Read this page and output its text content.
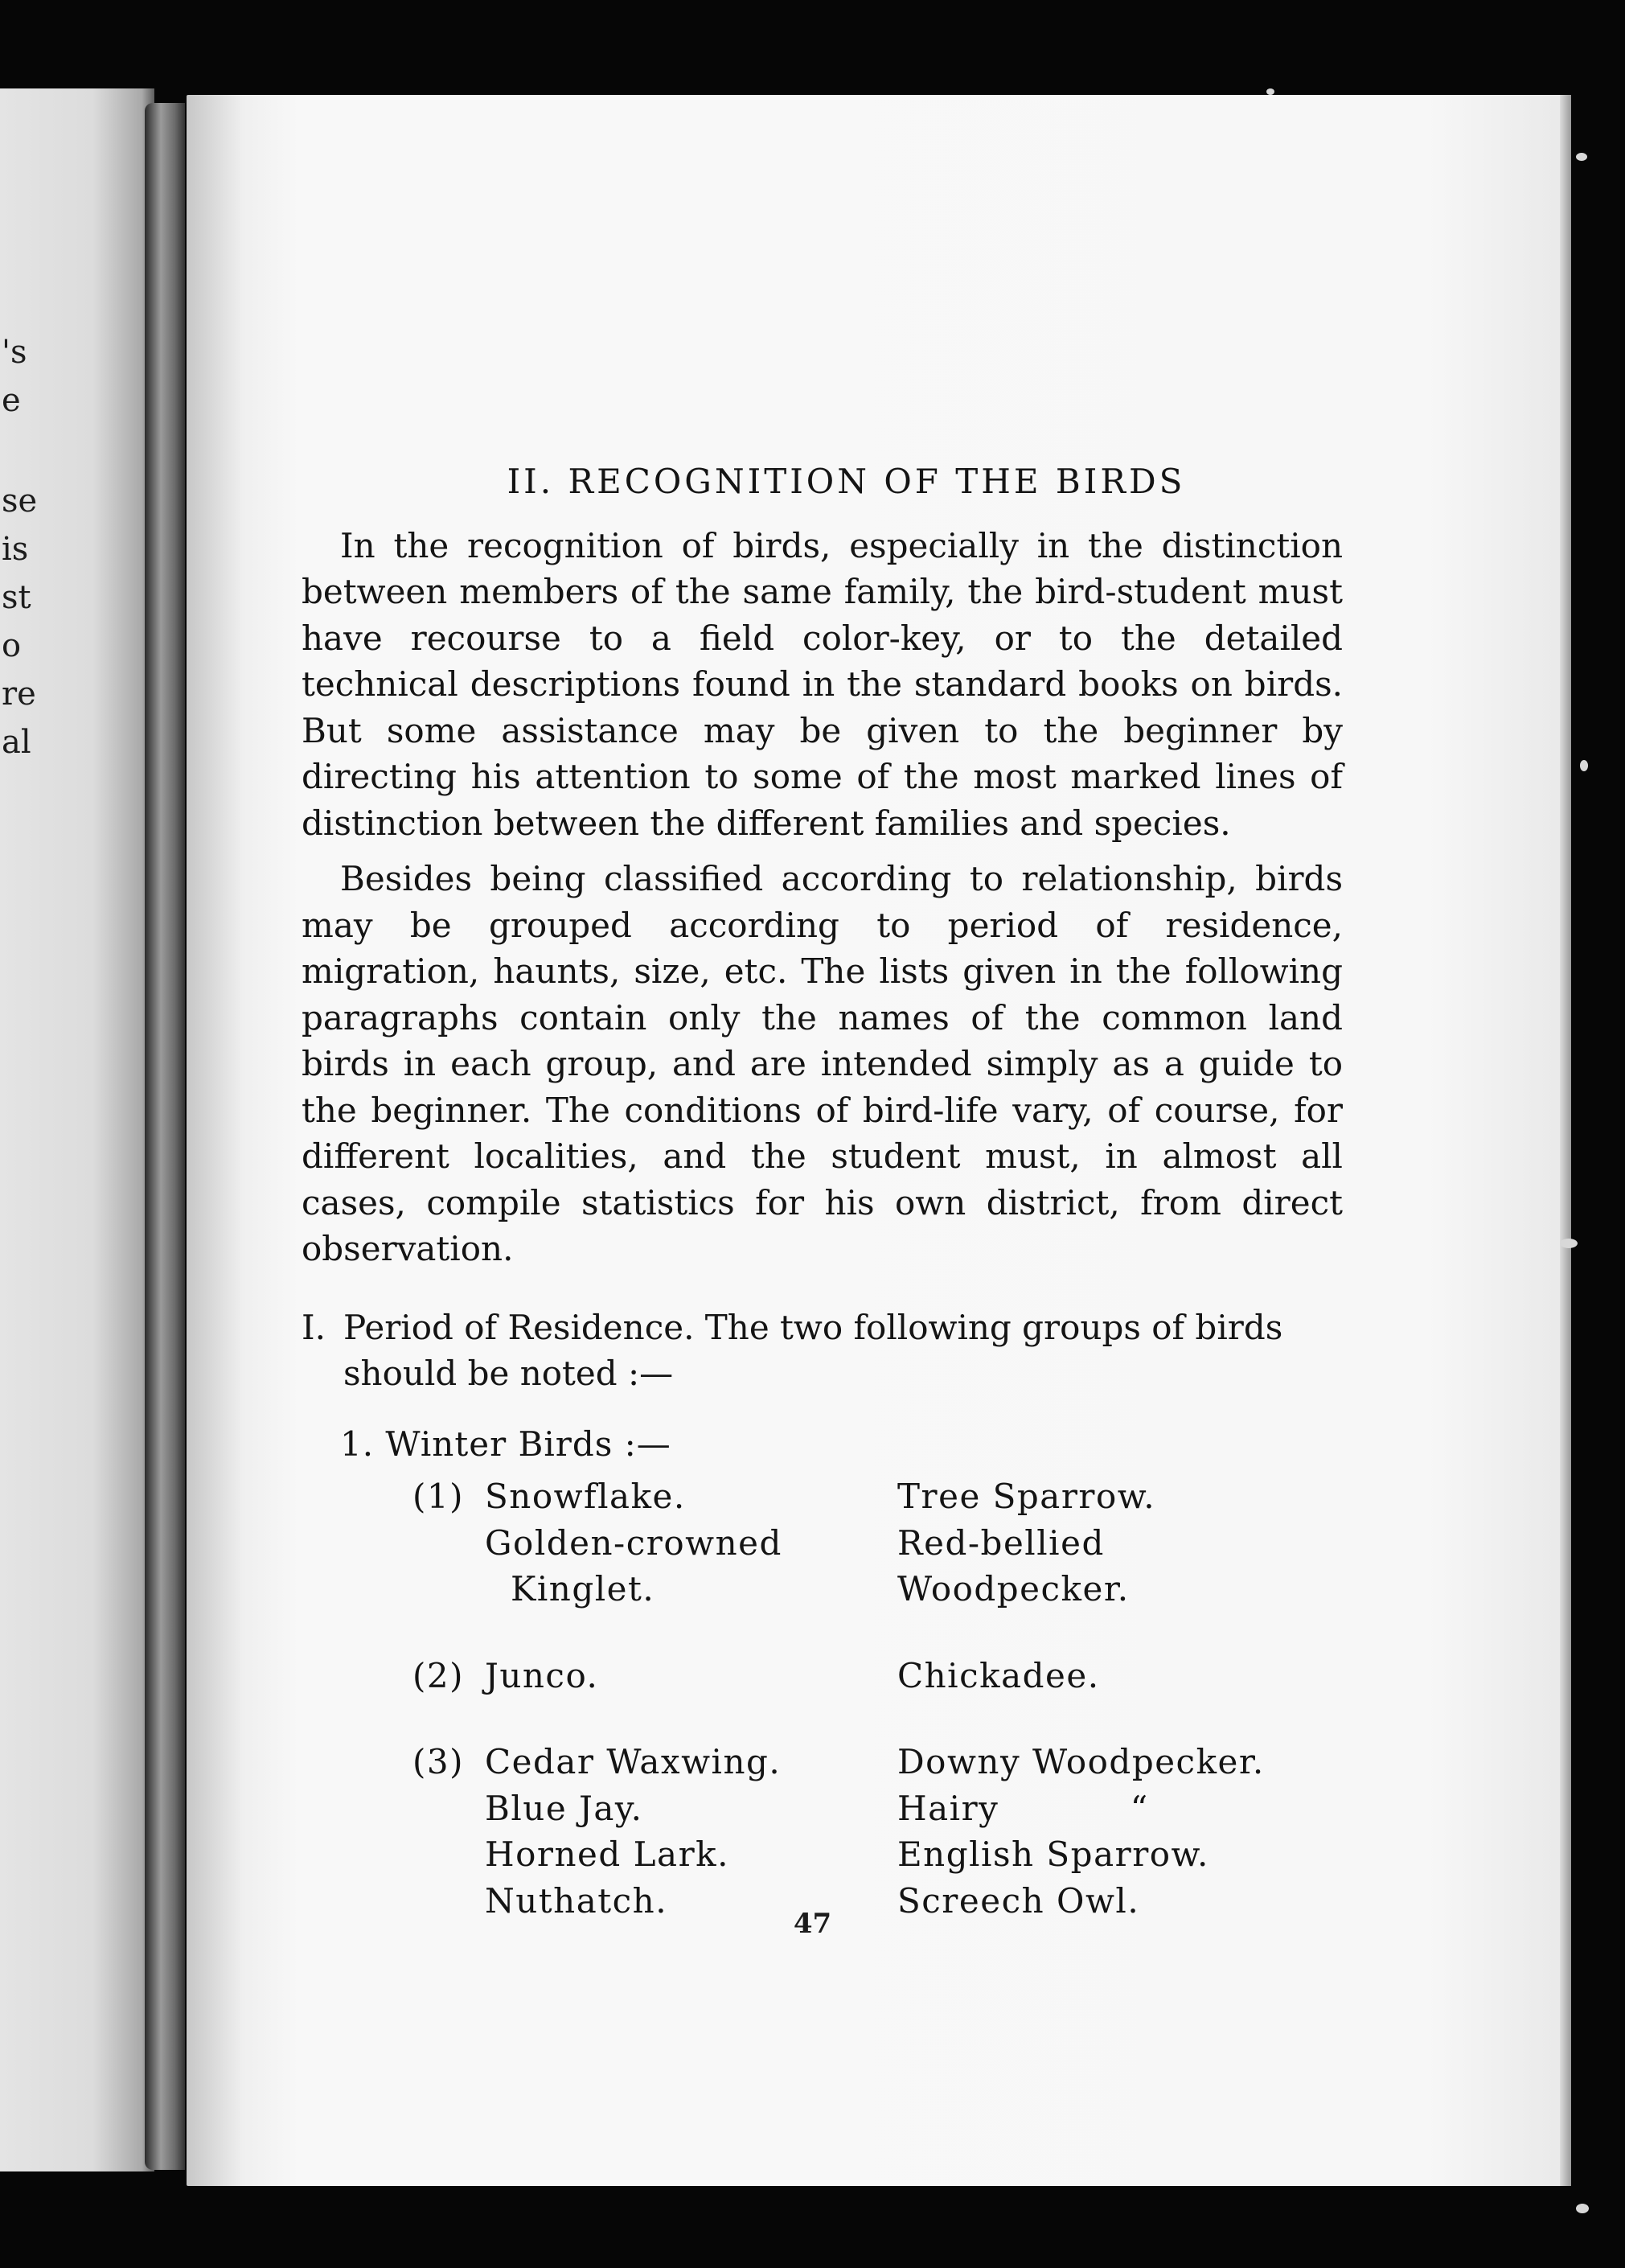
's
e
se
is
st
o
re
al
II. RECOGNITION OF THE BIRDS

In the recognition of birds, especially in the distinction between members of the same family, the bird-student must have recourse to a field color-key, or to the detailed technical descriptions found in the standard books on birds. But some assistance may be given to the beginner by directing his attention to some of the most marked lines of distinction between the different families and species.

Besides being classified according to relationship, birds may be grouped according to period of residence, migration, haunts, size, etc. The lists given in the following paragraphs contain only the names of the common land birds in each group, and are intended simply as a guide to the beginner. The conditions of bird-life vary, of course, for different localities, and the student must, in almost all cases, compile statistics for his own district, from direct observation.

I. Period of Residence. The two following groups of birds should be noted :—
1. Winter Birds :—
(1) Snowflake.
Golden-crowned
Kinglet.
Tree Sparrow.
Red-bellied Woodpecker.
(2) Junco.	Chickadee.
(3) Cedar Waxwing.
Blue Jay.
Horned Lark.
Nuthatch.
Downy Woodpecker.
Hairy           “
English Sparrow.
Screech Owl.
47
